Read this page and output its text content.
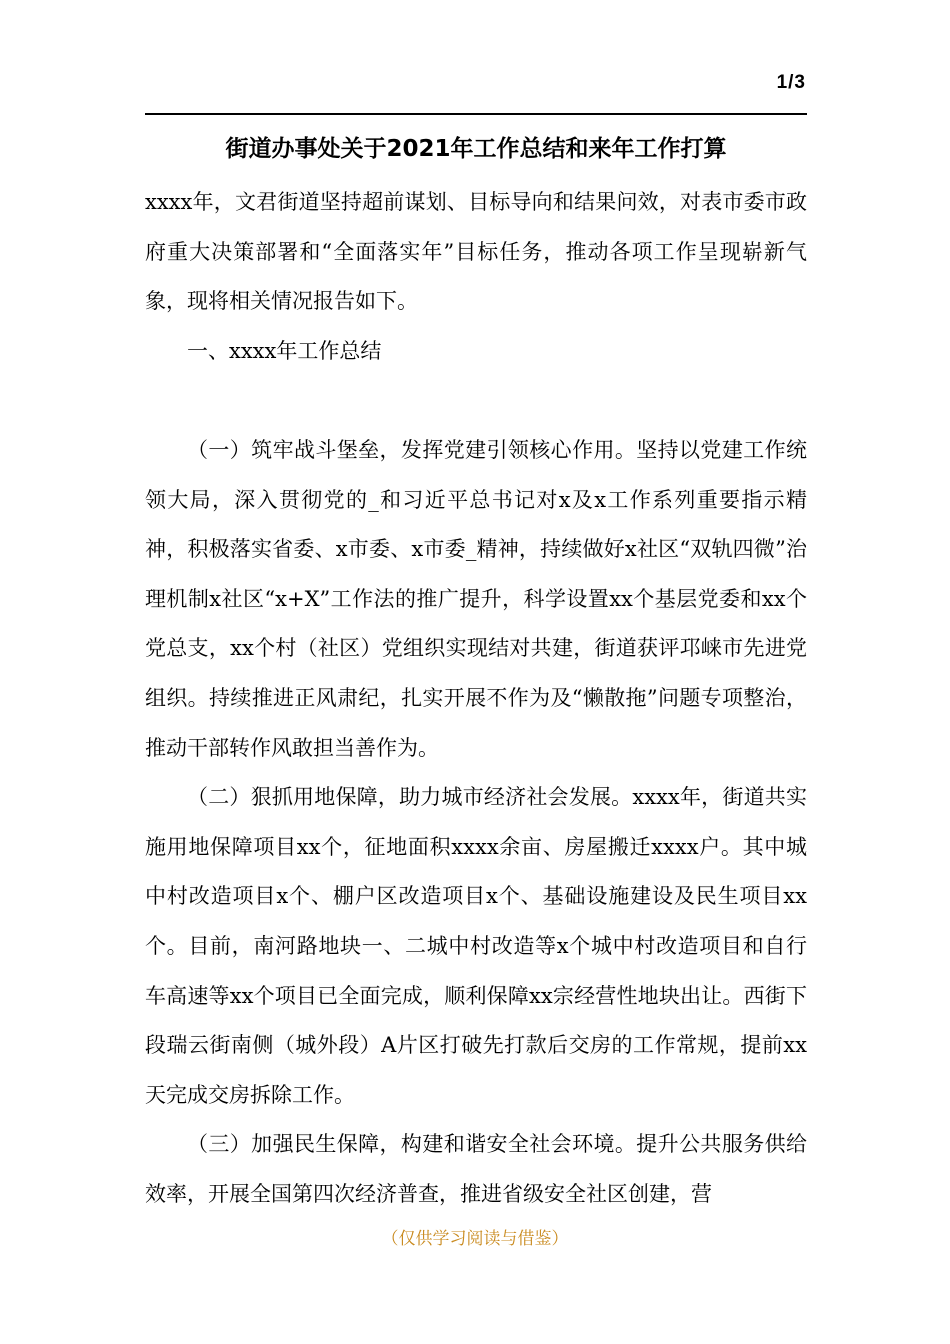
1/3
街道办事处关于2021年工作总结和来年工作打算

xxxx年，文君街道坚持超前谋划、目标导向和结果问效，对表市委市政府重大决策部署和“全面落实年”目标任务，推动各项工作呈现崭新气象，现将相关情况报告如下。

一、xxxx年工作总结

（一）筑牢战斗堡垒，发挥党建引领核心作用。坚持以党建工作统领大局，深入贯彻党的_和习近平总书记对x及x工作系列重要指示精神，积极落实省委、x市委、x市委_精神，持续做好x社区“双轨四微”治理机制x社区“x+X”工作法的推广提升，科学设置xx个基层党委和xx个党总支，xx个村（社区）党组织实现结对共建，街道获评邛崃市先进党组织。持续推进正风肃纪，扎实开展不作为及“懒散拖”问题专项整治，推动干部转作风敢担当善作为。

（二）狠抓用地保障，助力城市经济社会发展。xxxx年，街道共实施用地保障项目xx个，征地面积xxxx余亩、房屋搬迁xxxx户。其中城中村改造项目x个、棚户区改造项目x个、基础设施建设及民生项目xx个。目前，南河路地块一、二城中村改造等x个城中村改造项目和自行车高速等xx个项目已全面完成，顺利保障xx宗经营性地块出让。西街下段瑞云街南侧（城外段）A片区打破先打款后交房的工作常规，提前xx天完成交房拆除工作。

（三）加强民生保障，构建和谐安全社会环境。提升公共服务供给效率，开展全国第四次经济普查，推进省级安全社区创建，营

（仅供学习阅读与借鉴）
